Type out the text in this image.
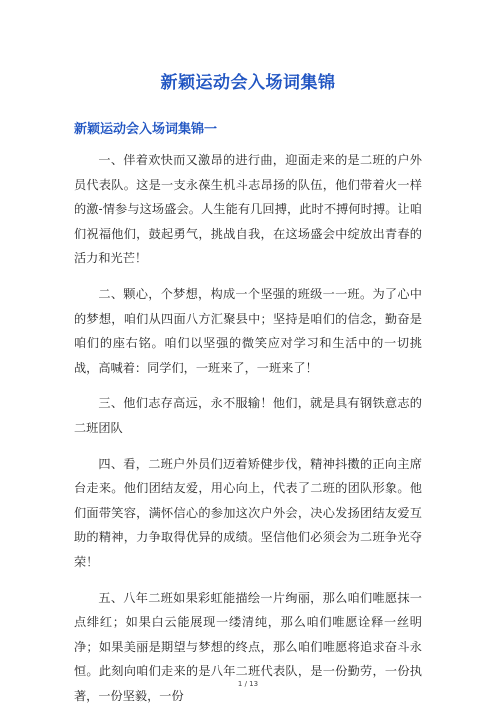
新颖运动会入场词集锦
新颖运动会入场词集锦一

一、伴着欢快而又激昂的进行曲，迎面走来的是二班的户外员代表队。这是一支永葆生机斗志昂扬的队伍，他们带着火一样的激-情参与这场盛会。人生能有几回搏，此时不搏何时搏。让咱们祝福他们，鼓起勇气，挑战自我，在这场盛会中绽放出青春的活力和光芒！

二、颗心，个梦想，构成一个坚强的班级一一班。为了心中的梦想，咱们从四面八方汇聚县中；坚持是咱们的信念，勤奋是咱们的座右铭。咱们以坚强的微笑应对学习和生活中的一切挑战，高喊着：同学们，一班来了，一班来了！

三、他们志存高远，永不服输！他们，就是具有钢铁意志的二班团队

四、看，二班户外员们迈着矫健步伐，精神抖擞的正向主席台走来。他们团结友爱，用心向上，代表了二班的团队形象。他们面带笑容，满怀信心的参加这次户外会，决心发扬团结友爱互助的精神，力争取得优异的成绩。坚信他们必须会为二班争光夺荣！

五、八年二班如果彩虹能描绘一片绚丽，那么咱们唯愿抹一点绯红；如果白云能展现一缕清纯，那么咱们唯愿诠释一丝明净；如果美丽是期望与梦想的终点，那么咱们唯愿将追求奋斗永恒。此刻向咱们走来的是八年二班代表队，是一份勤劳，一份执著，一份坚毅，一份

1 / 13
